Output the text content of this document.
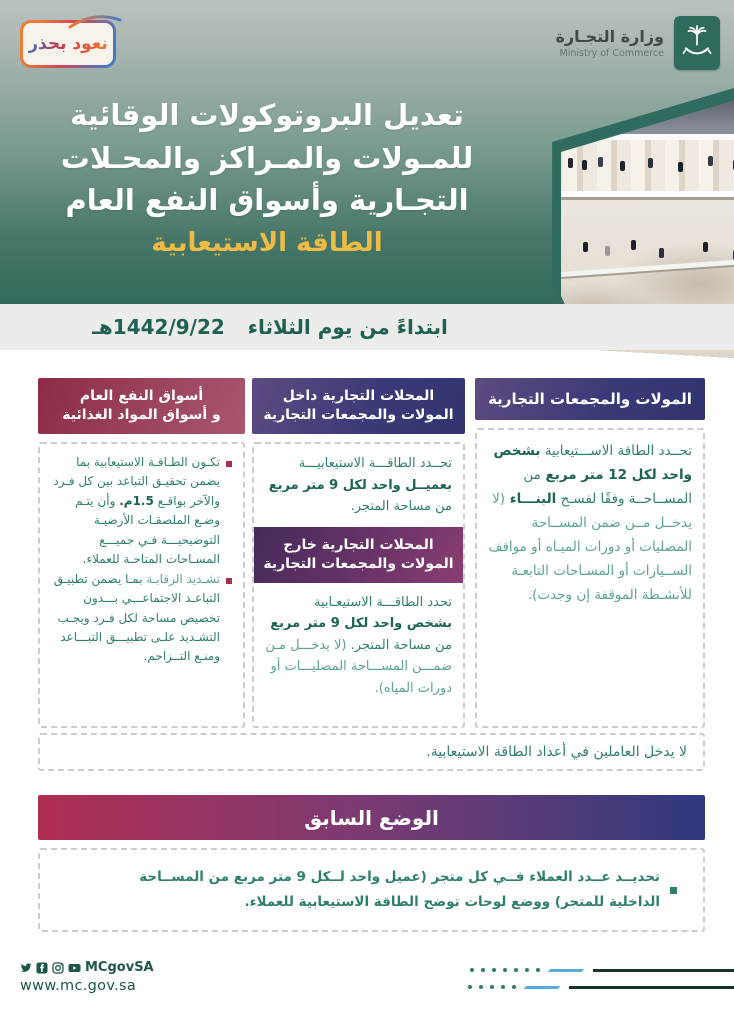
نعود بحذر	وزارة التجـارة
Ministry of Commerce
تعديل البروتوكولات الوقائية
للمـولات والمـراكز والمحـلات
التجـارية وأسواق النفع العام
الطاقة الاستيعابية
ابتداءً من يوم الثلاثاء 1442/9/22هـ
المولات والمجمعات التجارية

تحــدد الطاقة الاســـتيعابية بشخص واحد لكل 12 متر مربع من المســاحــة وفقًا لفسـح البنـــاء (لا يدخــل مــن ضمن المســاحة المصليات أو دورات الميـاه أو مواقف الســيارات أو المسـاحات التابعـة للأنشـطة الموقفة إن وجدت).

المحلات التجارية داخل
المولات والمجمعات التجارية

تحــدد الطاقـــة الاستيعابيـــة بعميــل واحد لكل 9 متر مربع من مساحة المتجر.

المحلات التجارية خارج
المولات والمجمعات التجارية

تحدد الطاقـــة الاستيعـابية بشخص واحد لكل 9 متر مربع من مساحة المتجر. (لا يدخـــل مـن ضمـــن المســـاحة المصليـــات أو دورات المياه).

أسواق النفع العام
و أسواق المواد الغذائية

تكـون الطـاقـة الاستيعابية بما يضمن تحقيـق التباعد بين كل فـرد والآخر بواقـع 1.5م. وأن يتـم وضـع الملصقـات الأرضيـة التوضيحيـــة فـي جميـــع المسـاحات المتاحـة للعملاء.

تشـديد الرقابـة بمـا يضمن تطبيـق التباعـد الاجتماعـــي بـــدون تخصيص مساحة لكل فـرد ويجـب التشـديد علـى تطبيـــق التبـــاعد ومنـع التــزاحم.

لا يدخل العاملين في أعداد الطاقة الاستيعابية.
الوضع السابق

تحديــد عــدد العملاء فــي كل متجر (عميل واحد لــكل 9 متر مربع من المســاحة الداخلية للمتجر) ووضع لوحات توضح الطاقة الاستيعابية للعملاء.

MCgovSA
www.mc.gov.sa
